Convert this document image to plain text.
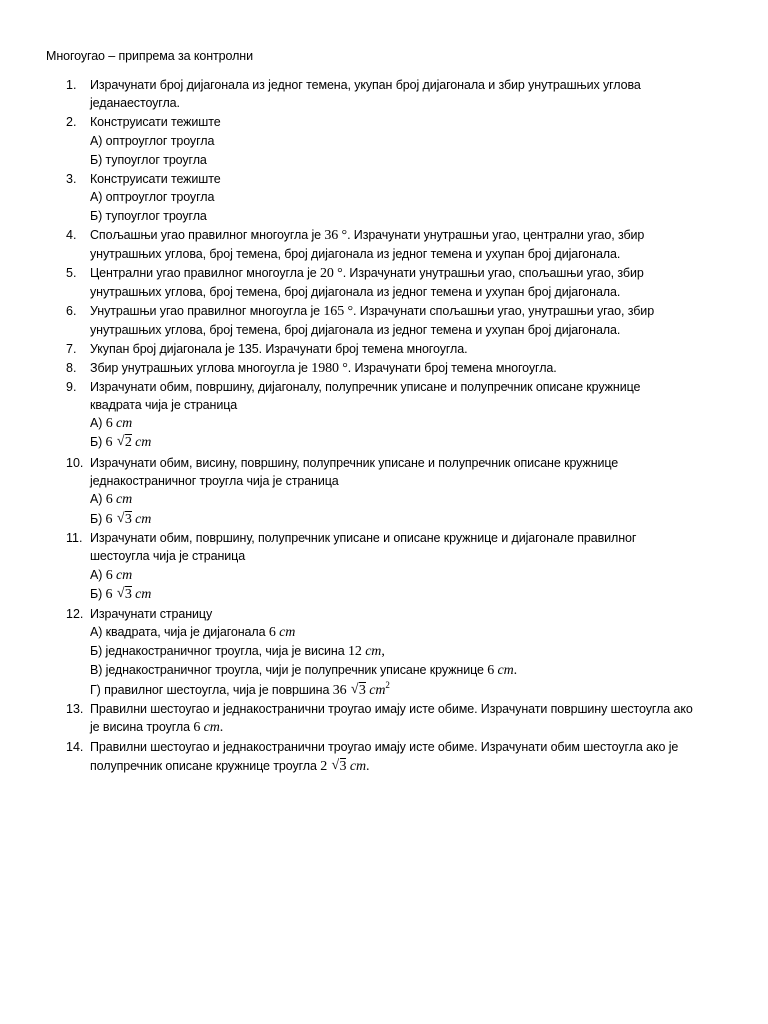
Многоугао – припрема за контролни
1.	Израчунати број дијагонала из једног темена, укупан број дијагонала и збир унутрашњих углова
једанаестоугла.
2.	Конструисати тежиште
А) оптроуглог троугла
Б) тупоуглог троугла
3.	Конструисати тежиште
А) оптроуглог троугла
Б) тупоуглог троугла
4.	Спољашњи угао правилног многоугла је 36 °. Израчунати унутрашњи угао, централни угао, збир
унутрашњих углова, број темена, број дијагонала из једног темена и ухупан број дијагонала.
5.	Централни угао правилног многоугла је 20 °. Израчунати унутрашњи угао, спољашњи угао, збир
унутрашњих углова, број темена, број дијагонала из једног темена и ухупан број дијагонала.
6.	Унутрашњи угао правилног многоугла је 165 °. Израчунати спољашњи угао, унутрашњи угао, збир
унутрашњих углова, број темена, број дијагонала из једног темена и ухупан број дијагонала.
7.	Укупан број дијагонала је 135. Израчунати број темена многоугла.
8.	Збир унутрашњих углова многоугла је 1980 °. Израчунати број темена многоугла.
9.	Израчунати обим, површину, дијагоналу, полупречник уписане и полупречник описане кружнице
квадрата чија је страница
А) 6 cm
Б) 6 √ 2 cm
10. Израчунати обим, висину, површину, полупречник уписане и полупречник описане кружнице
једнакостраничног троугла чија је страница
А) 6 cm
Б) 6 √ 3 cm
11. Израчунати обим, површину, полупречник уписане и описане кружнице и дијагонале правилног
шестоугла чија је страница
А) 6 cm
Б) 6 √ 3 cm
12. Израчунати страницу
А) квадрата, чија је дијагонала 6 cm
Б) једнакостраничног троугла, чија је висина 12 cm,
В) једнакостраничног троугла, чији је полупречник уписане кружнице 6 cm.
Г) правилног шестоугла, чија је површина 36 √ 3 $cm^2$
13. Правилни шестоугао и једнакостранични троугао имају исте обиме. Израчунати површину шестоугла ако
је висина троугла 6 cm.
14. Правилни шестоугао и једнакостранични троугао имају исте обиме. Израчунати обим шестоугла ако је
полупречник описане кружнице троугла 2 √ 3 cm.
